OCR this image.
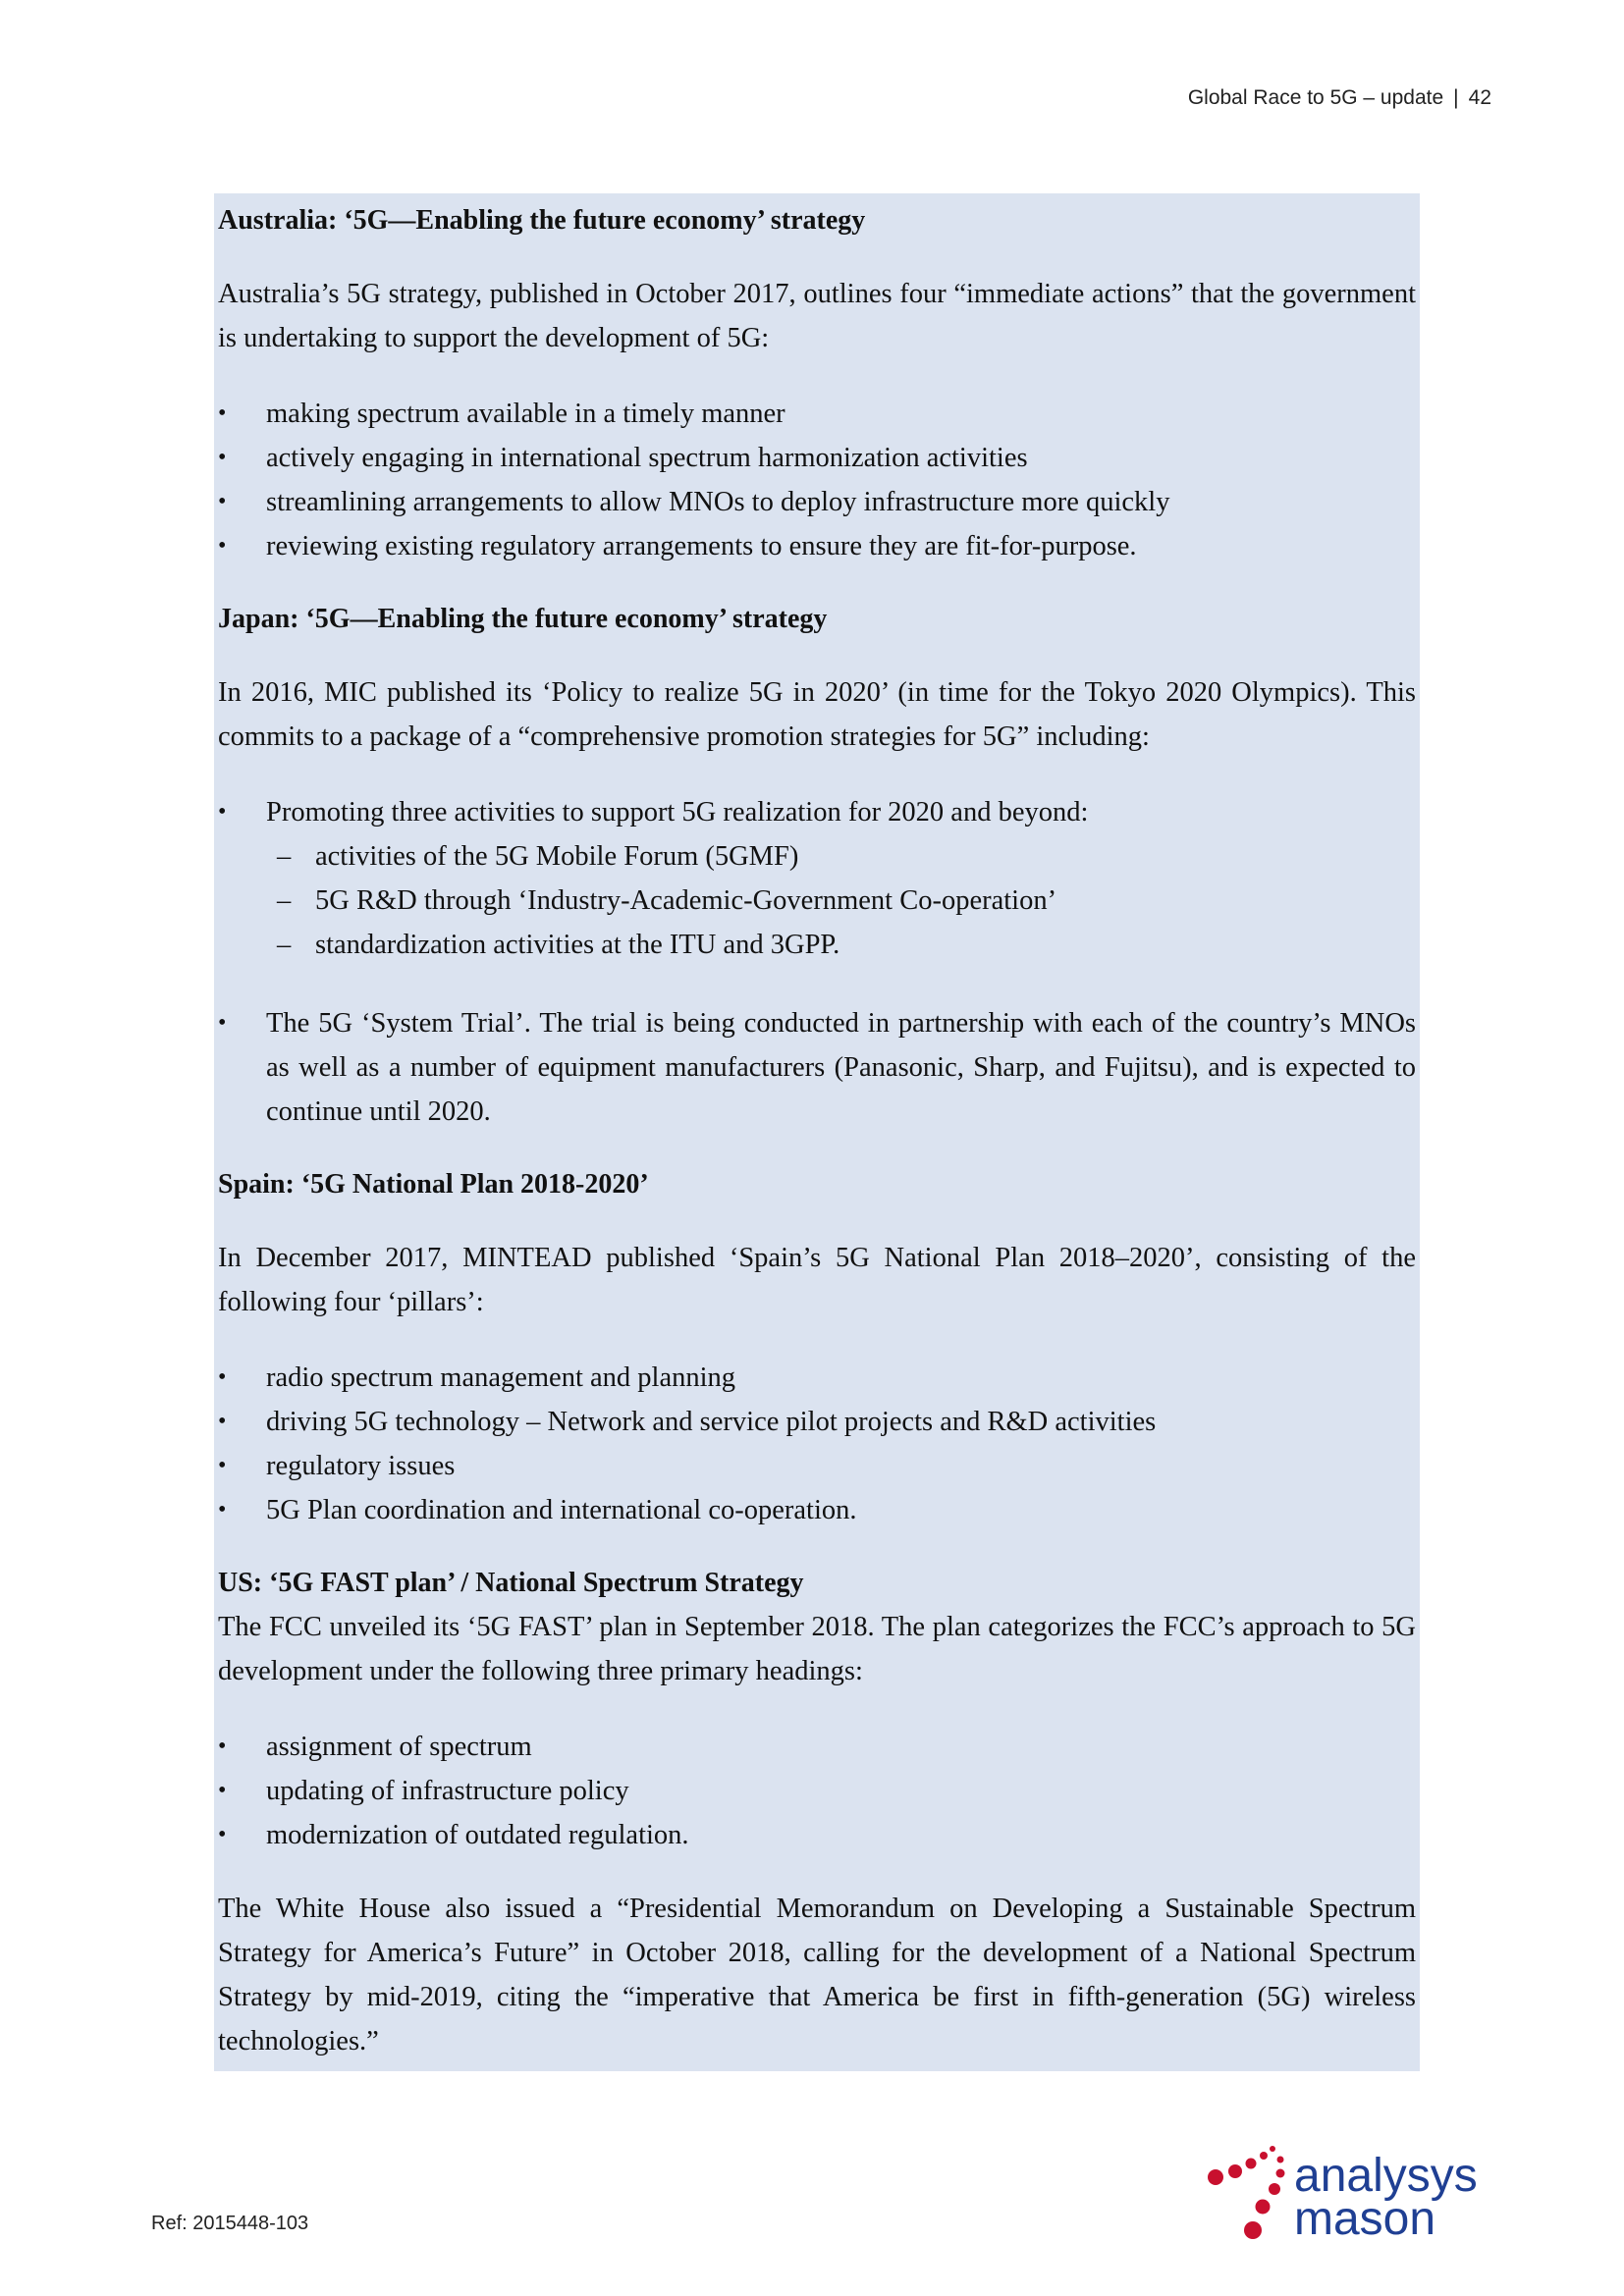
Global Race to 5G – update | 42
Australia: ‘5G—Enabling the future economy’ strategy

Australia’s 5G strategy, published in October 2017, outlines four “immediate actions” that the government is undertaking to support the development of 5G:

• making spectrum available in a timely manner
• actively engaging in international spectrum harmonization activities
• streamlining arrangements to allow MNOs to deploy infrastructure more quickly
• reviewing existing regulatory arrangements to ensure they are fit-for-purpose.
Japan: ‘5G—Enabling the future economy’ strategy

In 2016, MIC published its ‘Policy to realize 5G in 2020’ (in time for the Tokyo 2020 Olympics). This commits to a package of a “comprehensive promotion strategies for 5G” including:

• Promoting three activities to support 5G realization for 2020 and beyond:
– activities of the 5G Mobile Forum (5GMF)
– 5G R&D through ‘Industry-Academic-Government Co-operation’
– standardization activities at the ITU and 3GPP.
• The 5G ‘System Trial’. The trial is being conducted in partnership with each of the country’s MNOs as well as a number of equipment manufacturers (Panasonic, Sharp, and Fujitsu), and is expected to continue until 2020.
Spain: ‘5G National Plan 2018-2020’

In December 2017, MINTEAD published ‘Spain’s 5G National Plan 2018–2020’, consisting of the following four ‘pillars’:

• radio spectrum management and planning
• driving 5G technology – Network and service pilot projects and R&D activities
• regulatory issues
• 5G Plan coordination and international co-operation.
US: ‘5G FAST plan’ / National Spectrum Strategy

The FCC unveiled its ‘5G FAST’ plan in September 2018. The plan categorizes the FCC’s approach to 5G development under the following three primary headings:

• assignment of spectrum
• updating of infrastructure policy
• modernization of outdated regulation.

The White House also issued a “Presidential Memorandum on Developing a Sustainable Spectrum Strategy for America’s Future” in October 2018, calling for the development of a National Spectrum Strategy by mid-2019, citing the “imperative that America be first in fifth-generation (5G) wireless technologies.”

Ref: 2015448-103
analysys
mason
